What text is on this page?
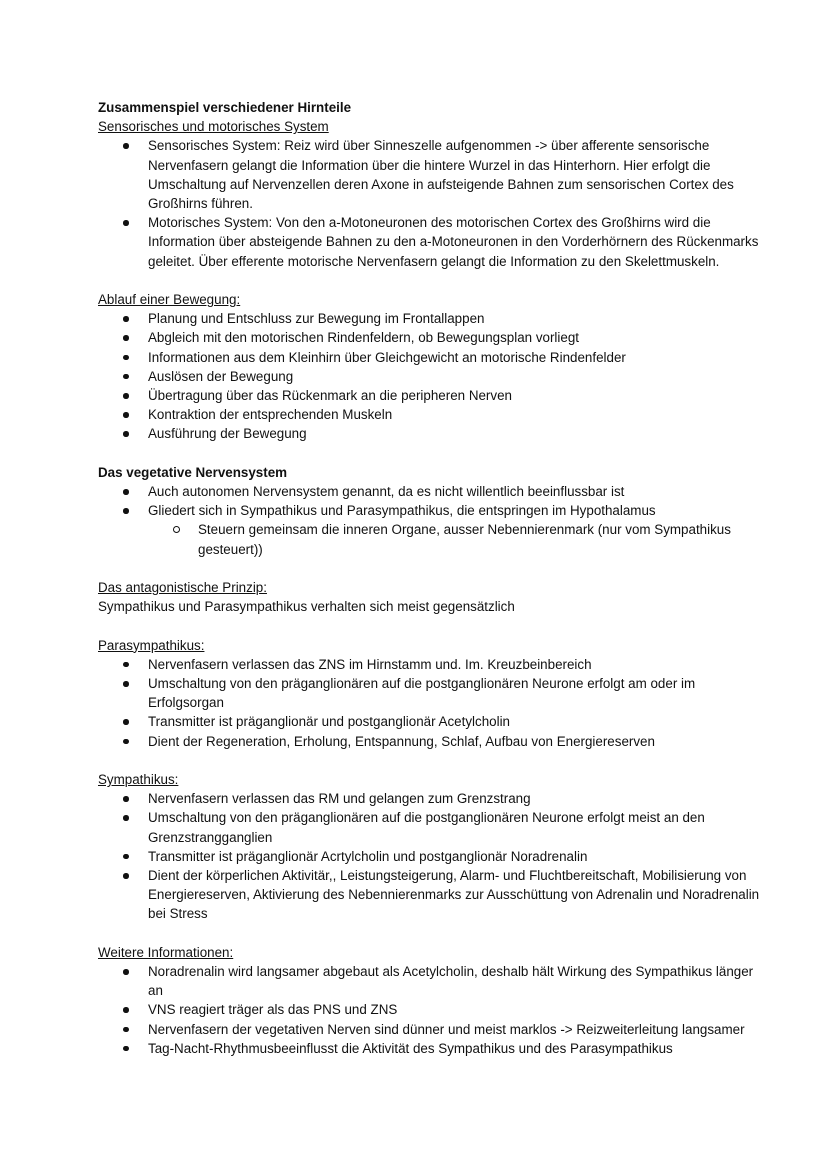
Zusammenspiel verschiedener Hirnteile

Sensorisches und motorisches System

Sensorisches System: Reiz wird über Sinneszelle aufgenommen -> über afferente sensorische Nervenfasern gelangt die Information über die hintere Wurzel in das Hinterhorn. Hier erfolgt die Umschaltung auf Nervenzellen deren Axone in aufsteigende Bahnen zum sensorischen Cortex des Großhirns führen.
Motorisches System: Von den a-Motoneuronen des motorischen Cortex des Großhirns wird die Information über absteigende Bahnen zu den a-Motoneuronen in den Vorderhörnern des Rückenmarks geleitet. Über efferente motorische Nervenfasern gelangt die Information zu den Skelettmuskeln.

Ablauf einer Bewegung:

Planung und Entschluss zur Bewegung im Frontallappen
Abgleich mit den motorischen Rindenfeldern, ob Bewegungsplan vorliegt
Informationen aus dem Kleinhirn über Gleichgewicht an motorische Rindenfelder
Auslösen der Bewegung
Übertragung über das Rückenmark an die peripheren Nerven
Kontraktion der entsprechenden Muskeln
Ausführung der Bewegung

Das vegetative Nervensystem

Auch autonomen Nervensystem genannt, da es nicht willentlich beeinflussbar ist
Gliedert sich in Sympathikus und Parasympathikus, die entspringen im Hypothalamus
Steuern gemeinsam die inneren Organe, ausser Nebennierenmark (nur vom Sympathikus gesteuert))

Das antagonistische Prinzip:

Sympathikus und Parasympathikus verhalten sich meist gegensätzlich

Parasympathikus:

Nervenfasern verlassen das ZNS im Hirnstamm und. Im. Kreuzbeinbereich
Umschaltung von den präganglionären auf die postganglionären Neurone erfolgt am oder im Erfolgsorgan
Transmitter ist präganglionär und postganglionär Acetylcholin
Dient der Regeneration, Erholung, Entspannung, Schlaf, Aufbau von Energiereserven

Sympathikus:

Nervenfasern verlassen das RM und gelangen zum Grenzstrang
Umschaltung von den präganglionären auf die postganglionären Neurone erfolgt meist an den Grenzstrangganglien
Transmitter ist präganglionär Acrtylcholin und postganglionär Noradrenalin
Dient der körperlichen Aktivitär,, Leistungsteigerung, Alarm- und Fluchtbereitschaft, Mobilisierung von Energiereserven, Aktivierung des Nebennierenmarks zur Ausschüttung von Adrenalin und Noradrenalin bei Stress

Weitere Informationen:

Noradrenalin wird langsamer abgebaut als Acetylcholin, deshalb hält Wirkung des Sympathikus länger an
VNS reagiert träger als das PNS und ZNS
Nervenfasern der vegetativen Nerven sind dünner und meist marklos -> Reizweiterleitung langsamer
Tag-Nacht-Rhythmusbeeinflusst die Aktivität des Sympathikus und des Parasympathikus
